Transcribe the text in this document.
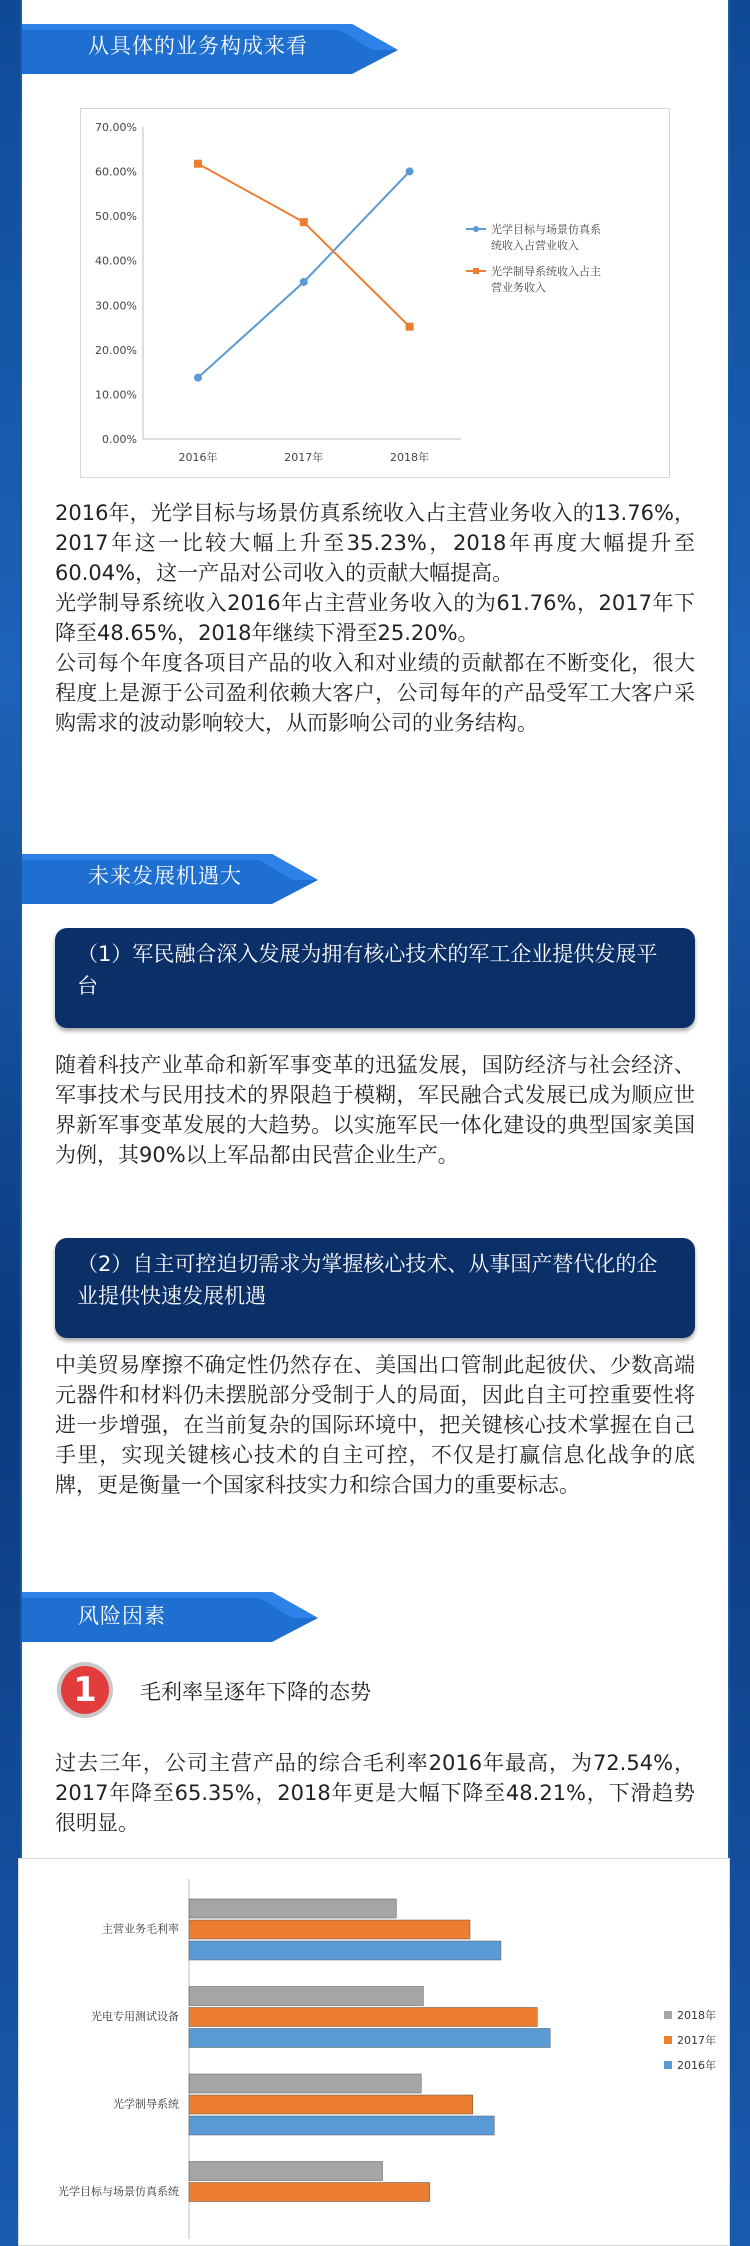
从具体的业务构成来看
0.00%
10.00%
20.00%
30.00%
40.00%
50.00%
60.00%
70.00%
2016年	2017年	2018年
光学目标与场景仿真系
统收入占营业收入
光学制导系统收入占主
营业务收入

2016年，光学目标与场景仿真系统收入占主营业务收入的13.76%，2017年这一比较大幅上升至35.23%，2018年再度大幅提升至60.04%，这一产品对公司收入的贡献大幅提高。

光学制导系统收入2016年占主营业务收入的为61.76%，2017年下降至48.65%，2018年继续下滑至25.20%。

公司每个年度各项目产品的收入和对业绩的贡献都在不断变化，很大程度上是源于公司盈利依赖大客户，公司每年的产品受军工大客户采购需求的波动影响较大，从而影响公司的业务结构。

未来发展机遇大
（1）军民融合深入发展为拥有核心技术的军工企业提供发展平台
随着科技产业革命和新军事变革的迅猛发展，国防经济与社会经济、军事技术与民用技术的界限趋于模糊，军民融合式发展已成为顺应世界新军事变革发展的大趋势。以实施军民一体化建设的典型国家美国为例，其90%以上军品都由民营企业生产。
（2）自主可控迫切需求为掌握核心技术、从事国产替代化的企业提供快速发展机遇
中美贸易摩擦不确定性仍然存在、美国出口管制此起彼伏、少数高端元器件和材料仍未摆脱部分受制于人的局面，因此自主可控重要性将进一步增强，在当前复杂的国际环境中，把关键核心技术掌握在自己手里，实现关键核心技术的自主可控，不仅是打赢信息化战争的底牌，更是衡量一个国家科技实力和综合国力的重要标志。
风险因素
1	毛利率呈逐年下降的态势
过去三年，公司主营产品的综合毛利率2016年最高，为72.54%，2017年降至65.35%，2018年更是大幅下降至48.21%，下滑趋势很明显。
主营业务毛利率
光电专用测试设备
光学制导系统
光学目标与场景仿真系统
2018年
2017年
2016年
